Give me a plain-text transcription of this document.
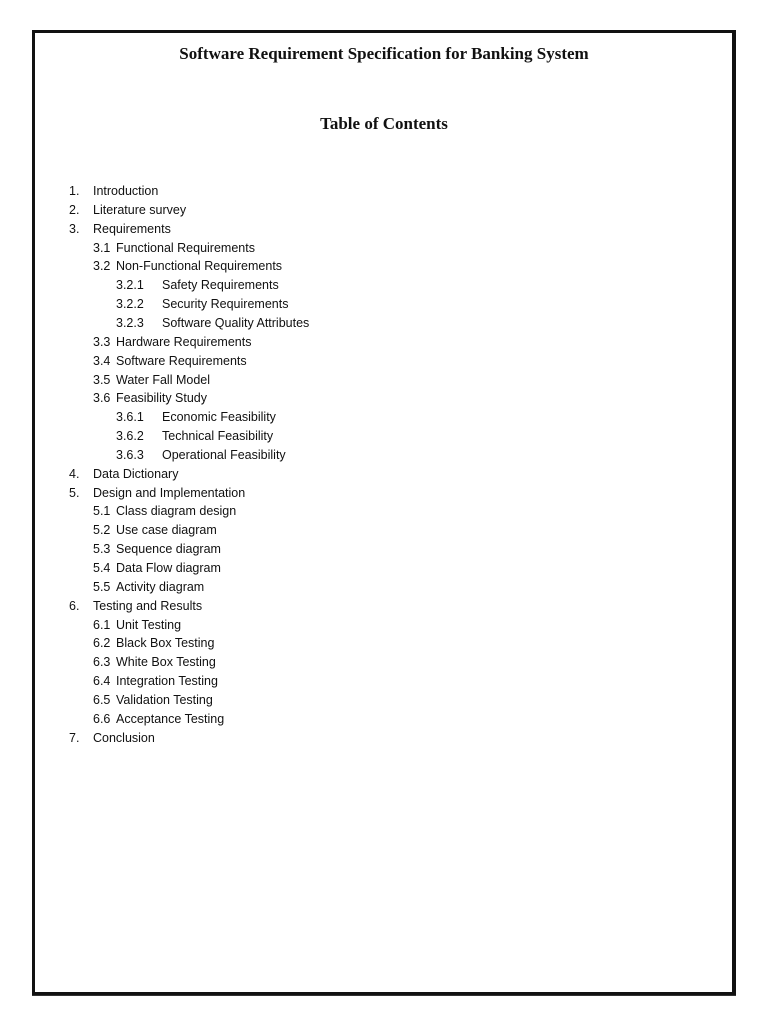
Software Requirement Specification for Banking System
Table of Contents
1. Introduction
2. Literature survey
3. Requirements
3.1 Functional Requirements
3.2 Non-Functional Requirements
3.2.1 Safety Requirements
3.2.2 Security Requirements
3.2.3 Software Quality Attributes
3.3 Hardware Requirements
3.4 Software Requirements
3.5 Water Fall Model
3.6 Feasibility Study
3.6.1 Economic Feasibility
3.6.2 Technical Feasibility
3.6.3 Operational Feasibility
4. Data Dictionary
5. Design and Implementation
5.1 Class diagram design
5.2 Use case diagram
5.3 Sequence diagram
5.4 Data Flow diagram
5.5 Activity diagram
6. Testing and Results
6.1 Unit Testing
6.2 Black Box Testing
6.3 White Box Testing
6.4 Integration Testing
6.5 Validation Testing
6.6 Acceptance Testing
7. Conclusion
